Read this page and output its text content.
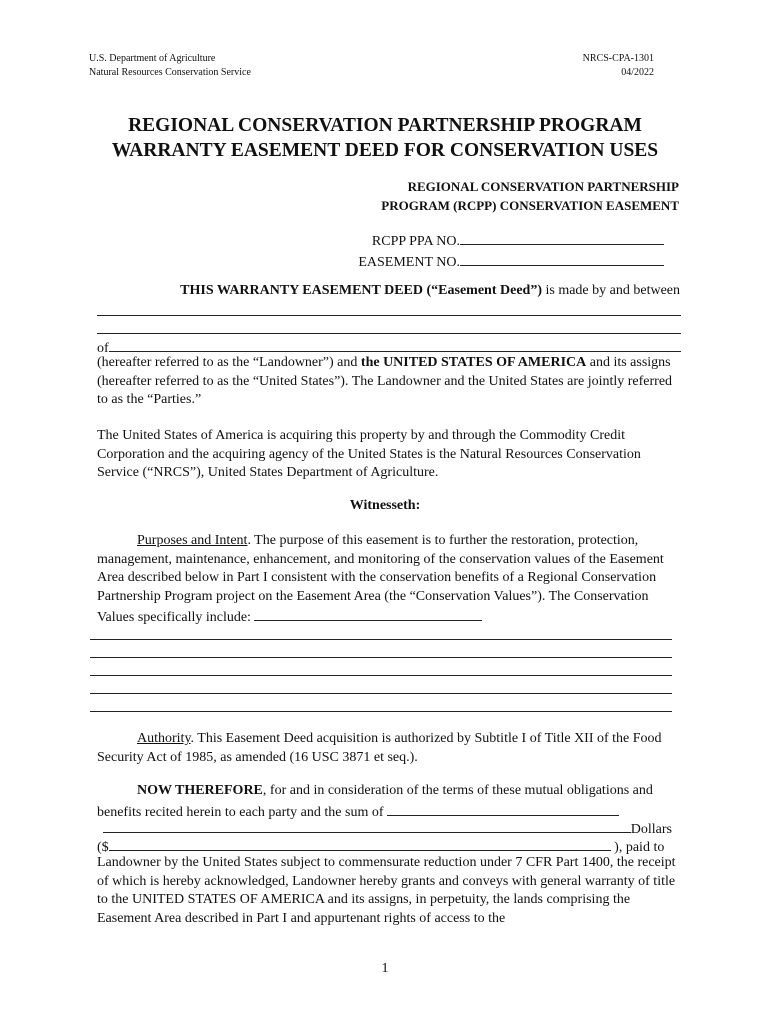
U.S. Department of Agriculture
Natural Resources Conservation Service
NRCS-CPA-1301
04/2022
REGIONAL CONSERVATION PARTNERSHIP PROGRAM
WARRANTY EASEMENT DEED FOR CONSERVATION USES
REGIONAL CONSERVATION PARTNERSHIP
PROGRAM (RCPP) CONSERVATION EASEMENT
RCPP PPA NO.
EASEMENT NO.
THIS WARRANTY EASEMENT DEED (“Easement Deed”) is made by and between
of
(hereafter referred to as the “Landowner”) and the UNITED STATES OF AMERICA and its assigns (hereafter referred to as the “United States”). The Landowner and the United States are jointly referred to as the “Parties.”
The United States of America is acquiring this property by and through the Commodity Credit Corporation and the acquiring agency of the United States is the Natural Resources Conservation Service (“NRCS”), United States Department of Agriculture.
Witnesseth:
Purposes and Intent. The purpose of this easement is to further the restoration, protection, management, maintenance, enhancement, and monitoring of the conservation values of the Easement Area described below in Part I consistent with the conservation benefits of a Regional Conservation Partnership Program project on the Easement Area (the “Conservation Values”). The Conservation Values specifically include:
Authority. This Easement Deed acquisition is authorized by Subtitle I of Title XII of the Food Security Act of 1985, as amended (16 USC 3871 et seq.).
NOW THEREFORE, for and in consideration of the terms of these mutual obligations and benefits recited herein to each party and the sum of
Dollars
($	), paid to
Landowner by the United States subject to commensurate reduction under 7 CFR Part 1400, the receipt of which is hereby acknowledged, Landowner hereby grants and conveys with general warranty of title to the UNITED STATES OF AMERICA and its assigns, in perpetuity, the lands comprising the Easement Area described in Part I and appurtenant rights of access to the
1
